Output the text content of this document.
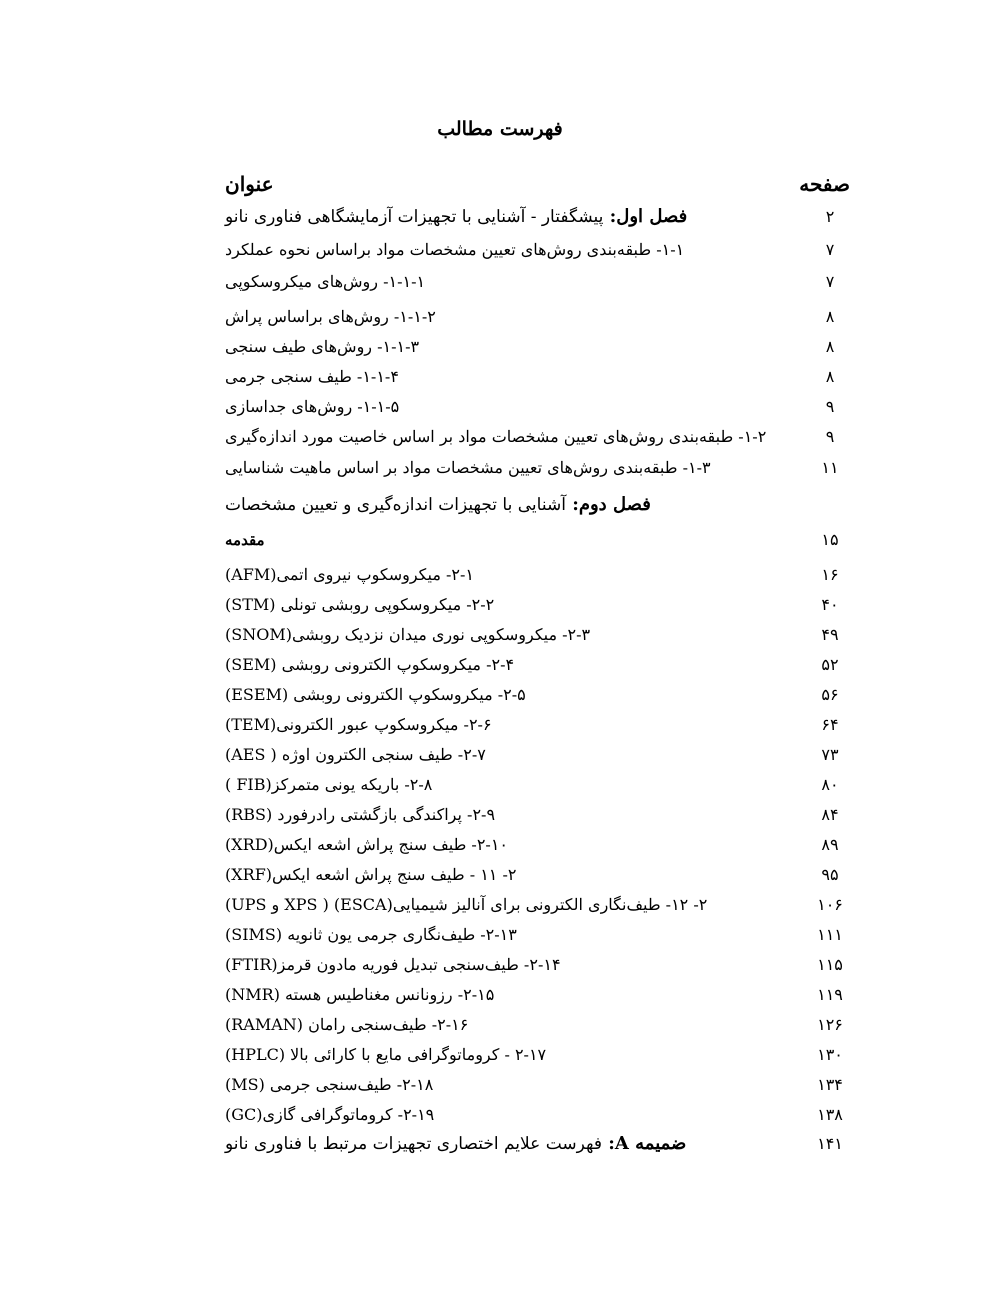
فهرست مطالب
عنوان	صفحه
فصل اول: پیشگفتار - آشنایی با تجهیزات آزمایشگاهی فناوری نانو	۲
۱-۱- طبقه‌بندی روش‌های تعیین مشخصات مواد براساس نحوه عملکرد	۷
۱-۱-۱- روش‌های میکروسکوپی	۷
۱-۱-۲- روش‌های براساس پراش	۸
۱-۱-۳- روش‌های طیف سنجی	۸
۱-۱-۴- طیف سنجی جرمی	۸
۱-۱-۵- روش‌های جداسازی	۹
۱-۲- طبقه‌بندی روش‌های تعیین مشخصات مواد بر اساس خاصیت مورد اندازه‌گیری	۹
۱-۳- طبقه‌بندی روش‌های تعیین مشخصات مواد بر اساس ماهیت شناسایی	۱۱
فصل دوم: آشنایی با تجهیزات اندازه‌گیری و تعیین مشخصات
مقدمه	۱۵
۲-۱- میکروسکوپ نیروی اتمی(AFM)	۱۶
۲-۲- میکروسکوپی روبشی تونلی (STM)	۴۰
۲-۳- میکروسکوپی نوری میدان نزدیک روبشی(SNOM)	۴۹
۲-۴- میکروسکوپ الکترونی روبشی (SEM)	۵۲
۲-۵- میکروسکوپ الکترونی روبشی (ESEM)	۵۶
۲-۶- میکروسکوپ عبور الکترونی(TEM)	۶۴
۲-۷- طیف سنجی الکترون اوژه ( AES)	۷۳
۲-۸- باریکه یونی متمرکز(FIB )	۸۰
۲-۹- پراکندگی بازگشتی رادرفورد (RBS)	۸۴
۲-۱۰- طیف سنج پراش اشعه ایکس(XRD)	۸۹
۲- ۱۱ - طیف سنج پراش اشعه ایکس(XRF)	۹۵
۲- ۱۲- طیف‌نگاری الکترونی برای آنالیز شیمیایی(ESCA) ( XPS و UPS)	۱۰۶
۲-۱۳- طیف‌نگاری جرمی یون ثانویه (SIMS)	۱۱۱
۲-۱۴- طیف‌سنجی تبدیل فوریه مادون قرمز(FTIR)	۱۱۵
۲-۱۵- رزونانس مغناطیس هسته (NMR)	۱۱۹
۲-۱۶- طیف‌سنجی رامان (RAMAN)	۱۲۶
۲-۱۷ - کروماتوگرافی مایع با کارائی بالا (HPLC)	۱۳۰
۲-۱۸- طیف‌سنجی جرمی (MS)	۱۳۴
۲-۱۹- کروماتوگرافی گازی(GC)	۱۳۸
ضمیمه A: فهرست علایم اختصاری تجهیزات مرتبط با فناوری نانو	۱۴۱
